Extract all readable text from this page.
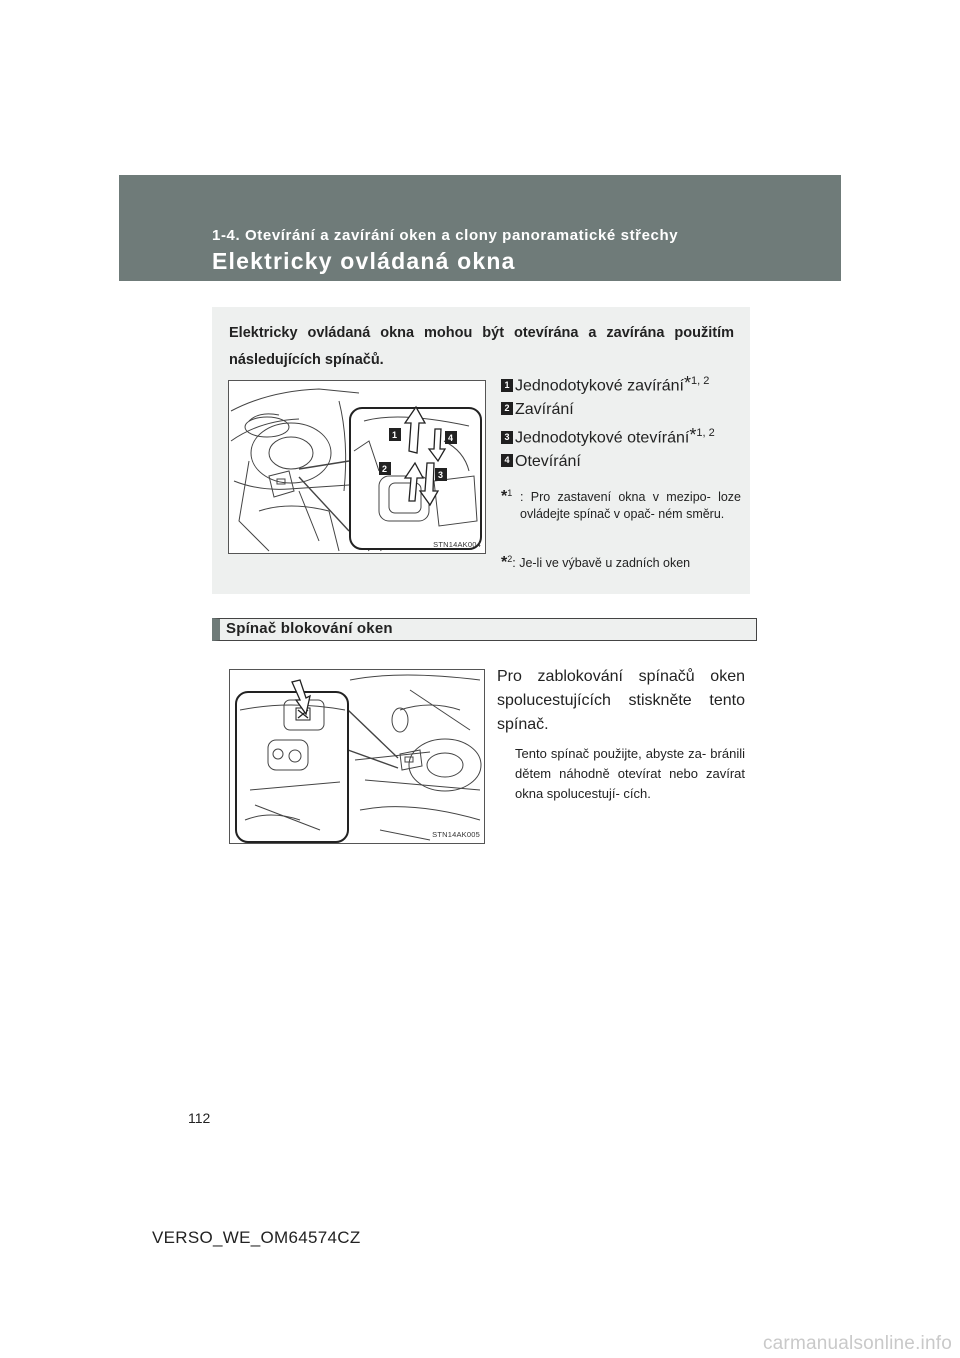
1-4. Otevírání a zavírání oken a clony panoramatické střechy
Elektricky ovládaná okna
Elektricky ovládaná okna mohou být otevírána a zavírána použitím následujících spínačů.
1	4
2
3
STN14AK004
1 Jednodotykové zavírání*$^{1, 2}$
2 Zavírání
3 Jednodotykové otevírání*$^{1, 2}$
4 Otevírání
*$^1$ : Pro zastavení okna v mezipo- loze ovládejte spínač v opač- ném směru.
*$^2$: Je-li ve výbavě u zadních oken
Spínač blokování oken
STN14AK005
Pro zablokování spínačů oken spolucestujících stiskněte tento spínač.
Tento spínač použijte, abyste za- bránili dětem náhodně otevírat nebo zavírat okna spolucestují- cích.
112
VERSO_WE_OM64574CZ
carmanualsonline.info
